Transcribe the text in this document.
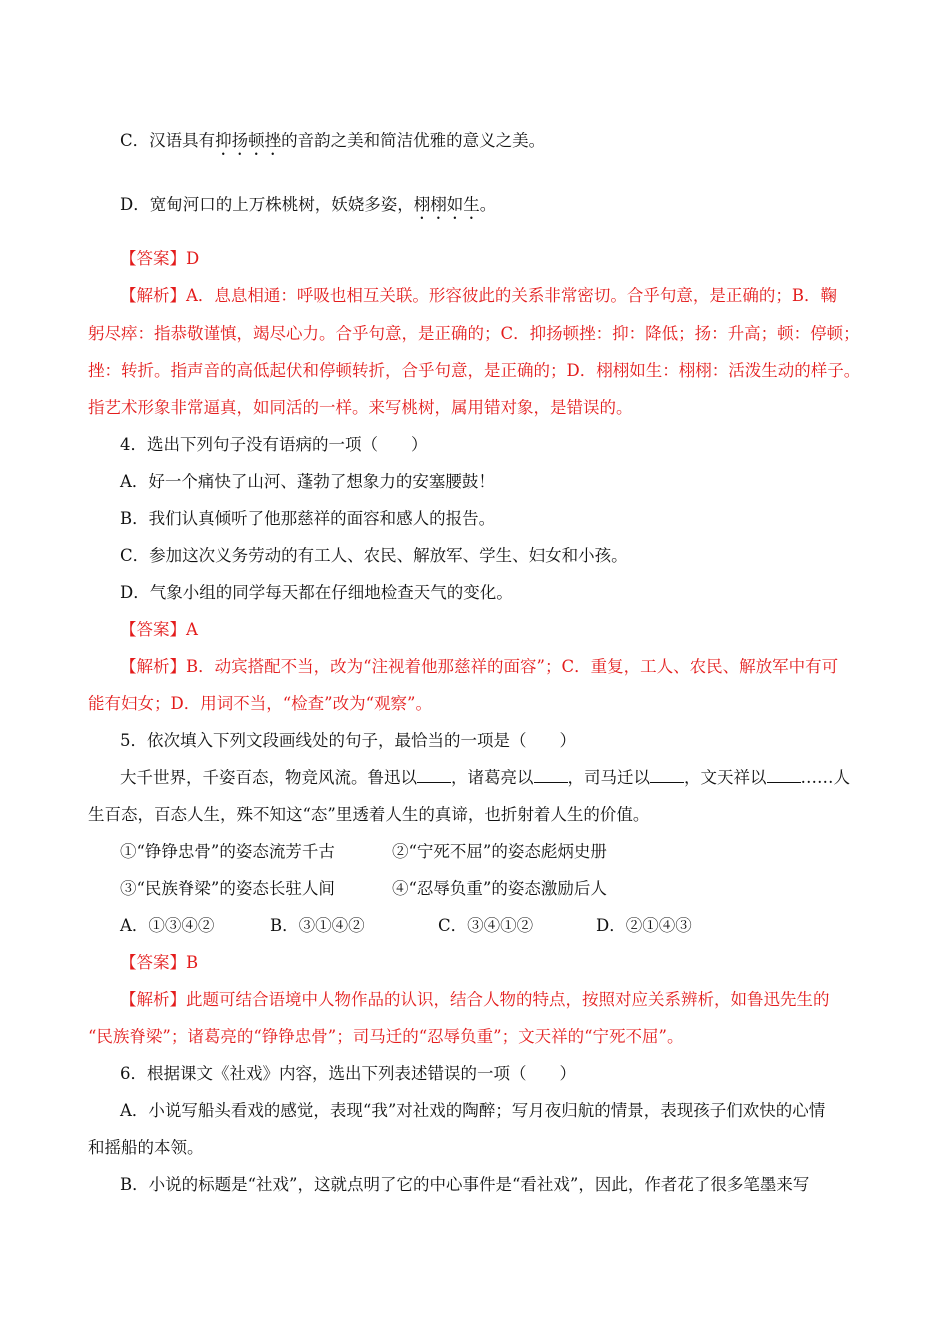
C．汉语具有抑扬顿挫的音韵之美和简洁优雅的意义之美。
D．宽甸河口的上万株桃树，妖娆多姿，栩栩如生。
【答案】D
【解析】A．息息相通：呼吸也相互关联。形容彼此的关系非常密切。合乎句意，是正确的；B．鞠
躬尽瘁：指恭敬谨慎，竭尽心力。合乎句意，是正确的；C．抑扬顿挫：抑：降低；扬：升高；顿：停顿；
挫：转折。指声音的高低起伏和停顿转折，合乎句意，是正确的；D．栩栩如生：栩栩：活泼生动的样子。
指艺术形象非常逼真，如同活的一样。来写桃树，属用错对象，是错误的。
4．选出下列句子没有语病的一项（　　）
A．好一个痛快了山河、蓬勃了想象力的安塞腰鼓！
B．我们认真倾听了他那慈祥的面容和感人的报告。
C．参加这次义务劳动的有工人、农民、解放军、学生、妇女和小孩。
D．气象小组的同学每天都在仔细地检查天气的变化。
【答案】A
【解析】B．动宾搭配不当，改为“注视着他那慈祥的面容”；C．重复，工人、农民、解放军中有可
能有妇女；D．用词不当，“检查”改为“观察”。
5．依次填入下列文段画线处的句子，最恰当的一项是（　　）
大千世界，千姿百态，物竞风流。鲁迅以 ，诸葛亮以 ，司马迁以 ，文天祥以 ……人
生百态，百态人生，殊不知这“态”里透着人生的真谛，也折射着人生的价值。
①“铮铮忠骨”的姿态流芳千古	②“宁死不屈”的姿态彪炳史册
③“民族脊梁”的姿态长驻人间	④“忍辱负重”的姿态激励后人
A．①③④②	B．③①④②	C．③④①②	D．②①④③
【答案】B
【解析】此题可结合语境中人物作品的认识，结合人物的特点，按照对应关系辨析，如鲁迅先生的
“民族脊梁”；诸葛亮的“铮铮忠骨”；司马迁的“忍辱负重”；文天祥的“宁死不屈”。
6．根据课文《社戏》内容，选出下列表述错误的一项（　　）
A．小说写船头看戏的感觉，表现“我”对社戏的陶醉；写月夜归航的情景，表现孩子们欢快的心情
和摇船的本领。
B．小说的标题是“社戏”，这就点明了它的中心事件是“看社戏”，因此，作者花了很多笔墨来写
